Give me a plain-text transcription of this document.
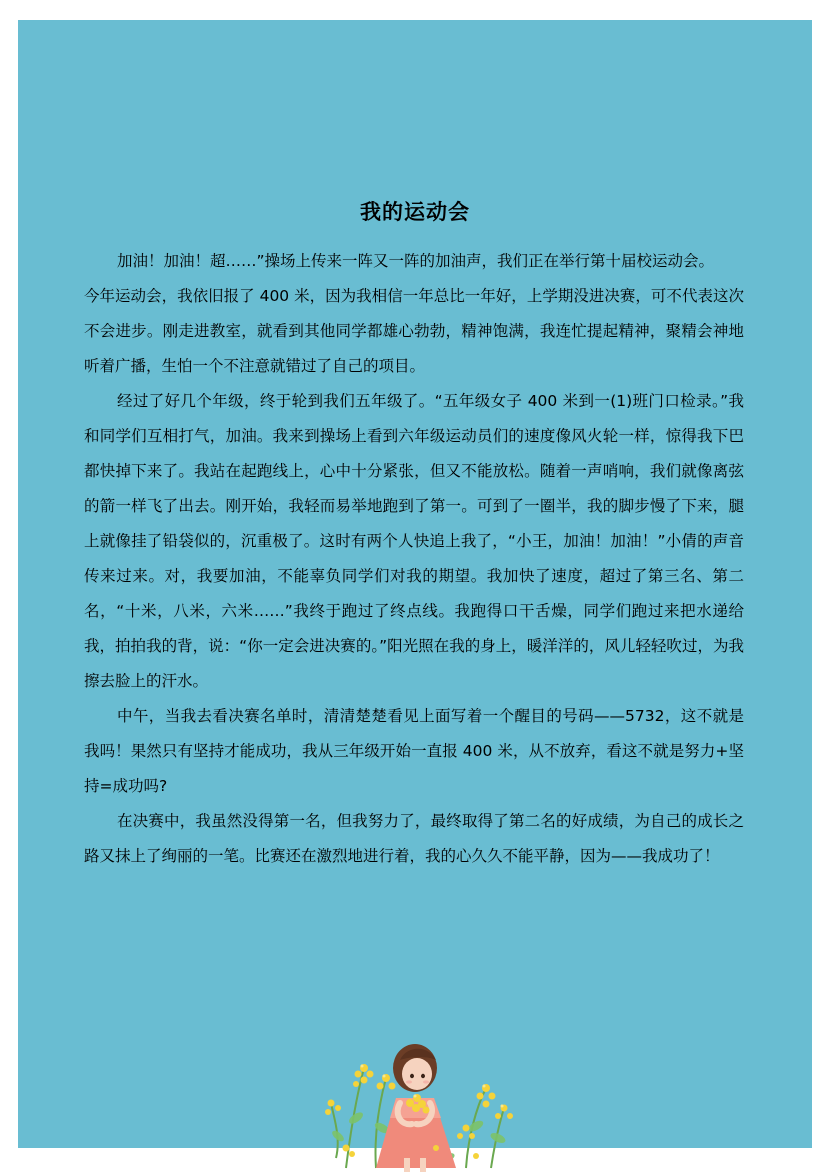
我的运动会

加油！加油！超……”操场上传来一阵又一阵的加油声，我们正在举行第十届校运动会。

今年运动会，我依旧报了 400 米，因为我相信一年总比一年好，上学期没进决赛，可不代表这次不会进步。刚走进教室，就看到其他同学都雄心勃勃，精神饱满，我连忙提起精神，聚精会神地听着广播，生怕一个不注意就错过了自己的项目。

经过了好几个年级，终于轮到我们五年级了。“五年级女子 400 米到一(1)班门口检录。”我和同学们互相打气，加油。我来到操场上看到六年级运动员们的速度像风火轮一样，惊得我下巴都快掉下来了。我站在起跑线上，心中十分紧张，但又不能放松。随着一声哨响，我们就像离弦的箭一样飞了出去。刚开始，我轻而易举地跑到了第一。可到了一圈半，我的脚步慢了下来，腿上就像挂了铅袋似的，沉重极了。这时有两个人快追上我了，“小王，加油！加油！”小倩的声音传来过来。对，我要加油，不能辜负同学们对我的期望。我加快了速度，超过了第三名、第二名，“十米，八米，六米……”我终于跑过了终点线。我跑得口干舌燥，同学们跑过来把水递给我，拍拍我的背，说：“你一定会进决赛的。”阳光照在我的身上，暖洋洋的，风儿轻轻吹过，为我擦去脸上的汗水。

中午，当我去看决赛名单时，清清楚楚看见上面写着一个醒目的号码——5732，这不就是我吗！果然只有坚持才能成功，我从三年级开始一直报 400 米，从不放弃，看这不就是努力+坚持=成功吗?

在决赛中，我虽然没得第一名，但我努力了，最终取得了第二名的好成绩，为自己的成长之路又抹上了绚丽的一笔。比赛还在激烈地进行着，我的心久久不能平静，因为——我成功了！
